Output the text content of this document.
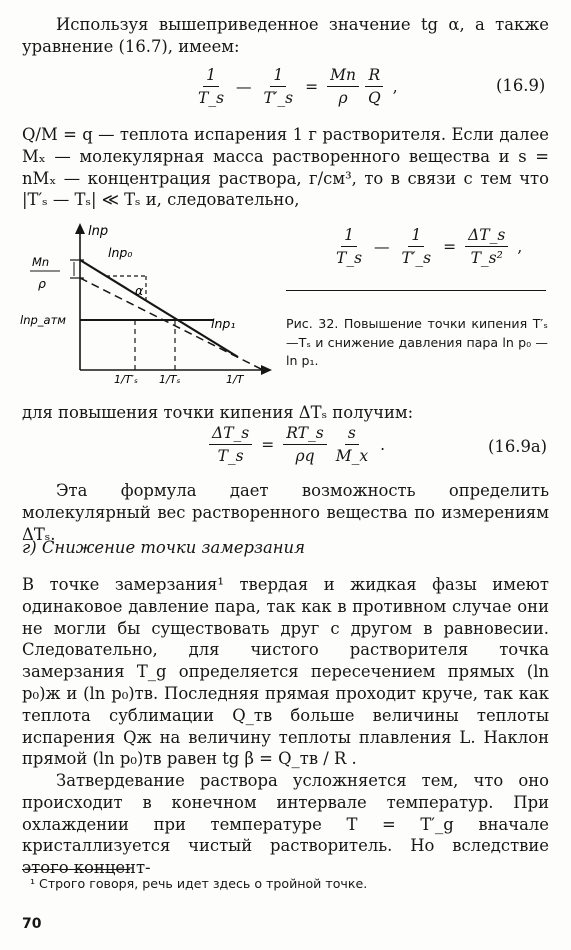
Используя вышеприведенное значение tg α, а также уравнение (16.7), имеем:

$\frac{1}{T\_s}$ — $\frac{1}{T'\_s} = \frac{Mn}{\rho} \frac{R}{Q}$ ,	(16.9)

Q/M = q — теплота испарения 1 г растворителя. Если далее Mₓ — молекулярная масса растворенного вещества и s = nMₓ — концентрация раствора, г/см³, то в связи с тем что |T′ₛ — Tₛ| ≪ Tₛ и, следовательно,

$\frac{1}{T\_s}$ — $\frac{1}{T'\_s} = \frac{\Delta T\_s}{\text{T\_s²}}$ ,
lnp
lnp₀
α
Mn
ρ
lnp_атм	lnp₁
1/T′ₛ 1/Tₛ	1/T
Рис. 32. Повышение точки кипения T′ₛ—Tₛ и снижение давления пара ln p₀ — ln p₁.

для повышения точки кипения ΔTₛ получим:

$\frac{\Delta T\_s}{T\_s} = \frac{RT\_s}{\rho q} \frac{s}{M\_x}$ .	(16.9а)

Эта формула дает возможность определить молекулярный вес растворенного вещества по измерениям ΔTₛ.

г) Снижение точки замерзания

В точке замерзания¹ твердая и жидкая фазы имеют одинаковое давление пара, так как в противном случае они не могли бы существовать друг с другом в равновесии. Следовательно, для чистого растворителя точка замерзания T_g определяется пересечением прямых (ln p₀)ж и (ln p₀)тв. Последняя прямая проходит круче, так как теплота сублимации Q_тв больше величины теплоты испарения Qж на величину теплоты плавления L. Наклон прямой (ln p₀)тв равен tg β = Q_тв / R .

Затвердевание раствора усложняется тем, что оно происходит в конечном интервале температур. При охлаждении при температуре T = T′_g вначале кристаллизуется чистый растворитель. Но вследствие этого концент-

¹ Строго говоря, речь идет здесь о тройной точке.
70
